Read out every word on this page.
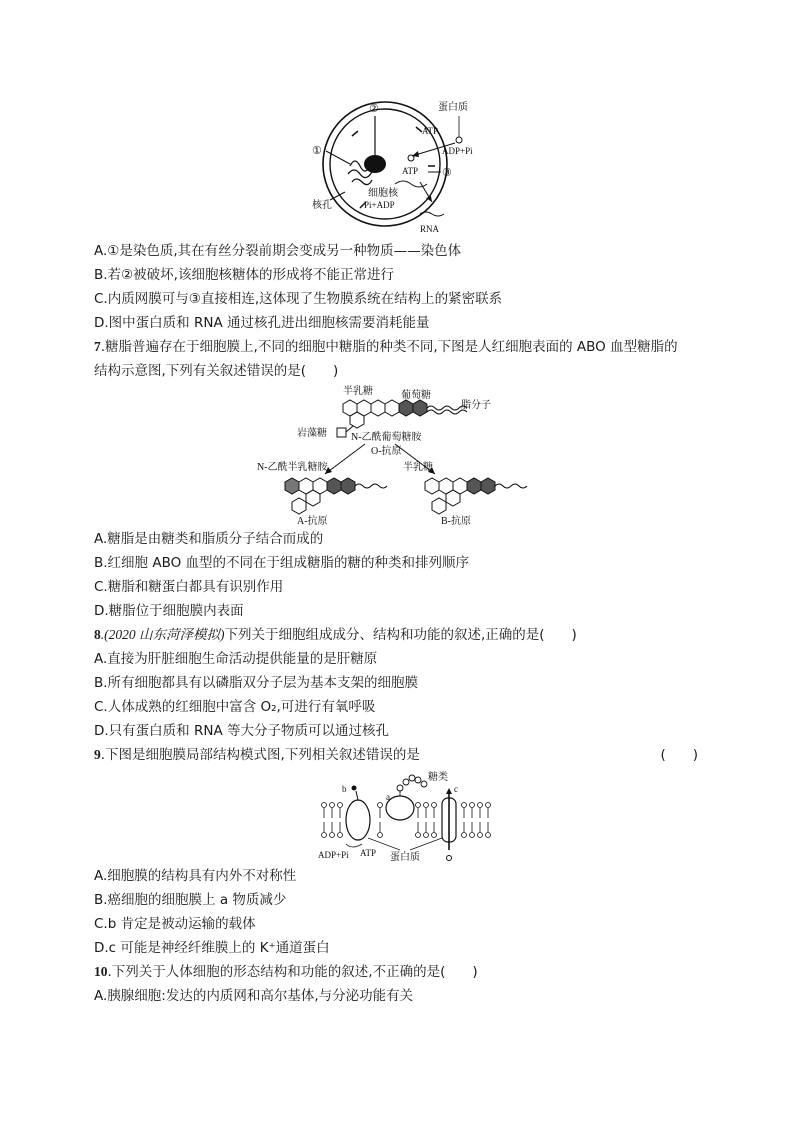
②
①
蛋白质
ATP
ADP+Pi
③
ATP
细胞核
Pi+ADP
核孔
RNA
A.①是染色质,其在有丝分裂前期会变成另一种物质——染色体
B.若②被破坏,该细胞核糖体的形成将不能正常进行
C.内质网膜可与③直接相连,这体现了生物膜系统在结构上的紧密联系
D.图中蛋白质和 RNA 通过核孔进出细胞核需要消耗能量
7.糖脂普遍存在于细胞膜上,不同的细胞中糖脂的种类不同,下图是人红细胞表面的 ABO 血型糖脂的
结构示意图,下列有关叙述错误的是(　　)
半乳糖	葡萄糖
脂分子
岩藻糖 N-乙酰葡萄糖胺
O-抗原
N-乙酰半乳糖胺
A-抗原
半乳糖
B-抗原
A.糖脂是由糖类和脂质分子结合而成的
B.红细胞 ABO 血型的不同在于组成糖脂的糖的种类和排列顺序
C.糖脂和糖蛋白都具有识别作用
D.糖脂位于细胞膜内表面
8.(2020 山东菏泽模拟)下列关于细胞组成成分、结构和功能的叙述,正确的是(　　)
A.直接为肝脏细胞生命活动提供能量的是肝糖原
B.所有细胞都具有以磷脂双分子层为基本支架的细胞膜
C.人体成熟的红细胞中富含 O₂,可进行有氧呼吸
D.只有蛋白质和 RNA 等大分子物质可以通过核孔
9.下图是细胞膜局部结构模式图,下列相关叙述错误的是	(　　)
糖类
a
b	c
ADP+Pi ATP 蛋白质
A.细胞膜的结构具有内外不对称性
B.癌细胞的细胞膜上 a 物质减少
C.b 肯定是被动运输的载体
D.c 可能是神经纤维膜上的 K⁺通道蛋白
10.下列关于人体细胞的形态结构和功能的叙述,不正确的是(　　)
A.胰腺细胞:发达的内质网和高尔基体,与分泌功能有关
